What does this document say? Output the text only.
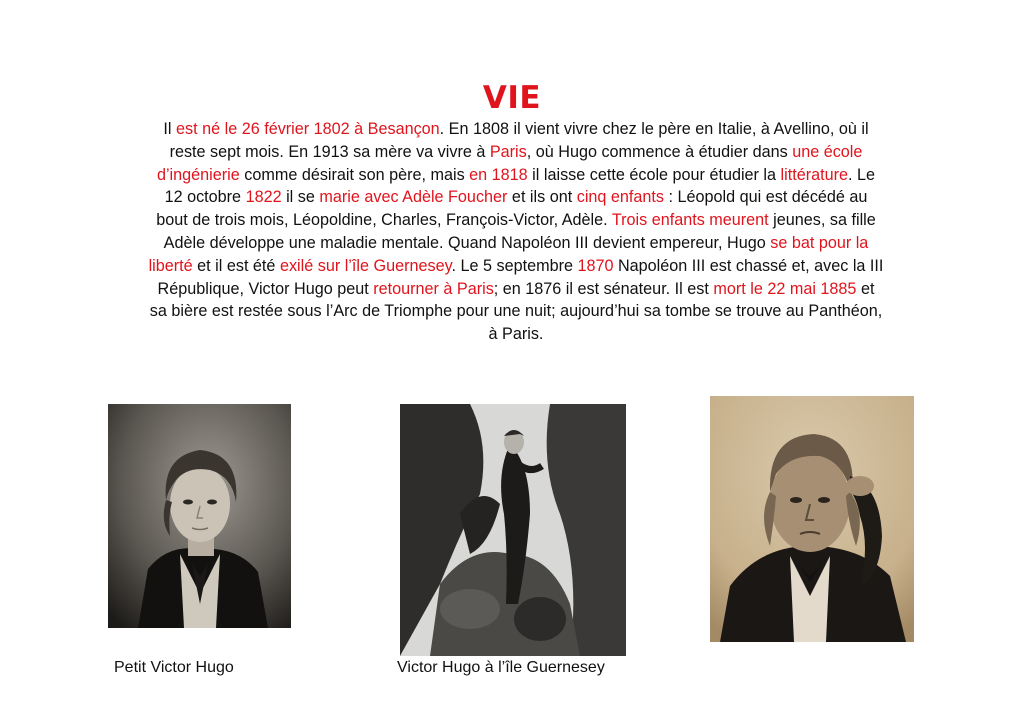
VIE

Il est né le 26 février 1802 à Besançon. En 1808 il vient vivre chez le père en Italie, à Avellino, où il reste sept mois. En 1913 sa mère va vivre à Paris, où Hugo commence à étudier dans une école d’ingénierie comme désirait son père, mais en 1818 il laisse cette école pour étudier la littérature. Le 12 octobre 1822 il se marie avec Adèle Foucher et ils ont cinq enfants : Léopold qui est décédé au bout de trois mois, Léopoldine, Charles, François-Victor, Adèle. Trois enfants meurent jeunes, sa fille Adèle développe une maladie mentale. Quand Napoléon III devient empereur, Hugo se bat pour la liberté et il est été exilé sur l’île Guernesey. Le 5 septembre 1870 Napoléon III est chassé et, avec la III République, Victor Hugo peut retourner à Paris; en 1876 il est sénateur. Il est mort le 22 mai 1885 et sa bière est restée sous l’Arc de Triomphe pour une nuit; aujourd’hui sa tombe se trouve au Panthéon, à Paris.

Petit Victor Hugo	Victor Hugo à l’île Guernesey
